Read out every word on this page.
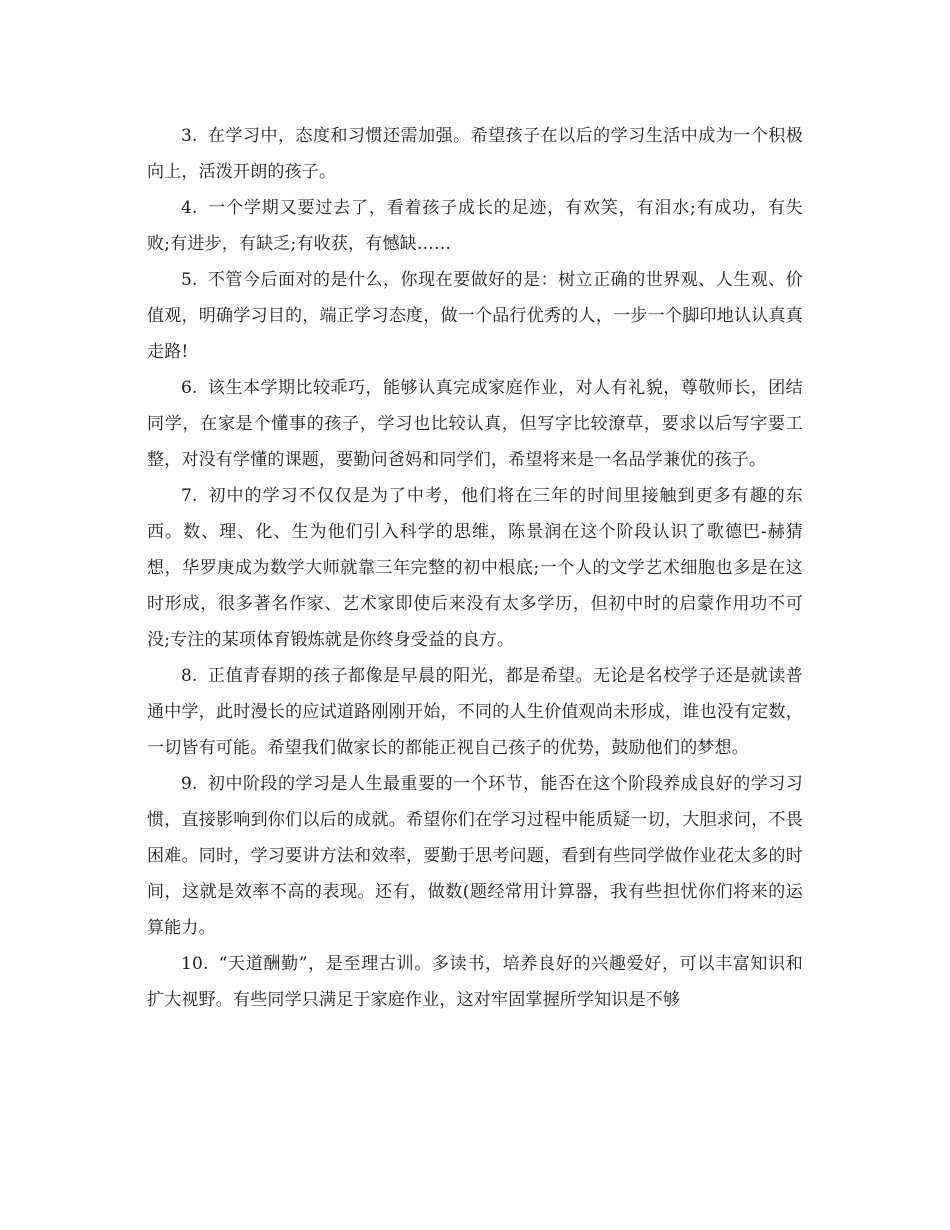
3. 在学习中，态度和习惯还需加强。希望孩子在以后的学习生活中成为一个积极向上，活泼开朗的孩子。

4. 一个学期又要过去了，看着孩子成长的足迹，有欢笑，有泪水;有成功，有失败;有进步，有缺乏;有收获，有憾缺……

5. 不管今后面对的是什么，你现在要做好的是：树立正确的世界观、人生观、价值观，明确学习目的，端正学习态度，做一个品行优秀的人，一步一个脚印地认认真真走路!

6. 该生本学期比较乖巧，能够认真完成家庭作业，对人有礼貌，尊敬师长，团结同学，在家是个懂事的孩子，学习也比较认真，但写字比较潦草，要求以后写字要工整，对没有学懂的课题，要勤问爸妈和同学们，希望将来是一名品学兼优的孩子。

7. 初中的学习不仅仅是为了中考，他们将在三年的时间里接触到更多有趣的东西。数、理、化、生为他们引入科学的思维，陈景润在这个阶段认识了歌德巴-赫猜想，华罗庚成为数学大师就靠三年完整的初中根底;一个人的文学艺术细胞也多是在这时形成，很多著名作家、艺术家即使后来没有太多学历，但初中时的启蒙作用功不可没;专注的某项体育锻炼就是你终身受益的良方。

8. 正值青春期的孩子都像是早晨的阳光，都是希望。无论是名校学子还是就读普通中学，此时漫长的应试道路刚刚开始，不同的人生价值观尚未形成，谁也没有定数，一切皆有可能。希望我们做家长的都能正视自己孩子的优势，鼓励他们的梦想。

9. 初中阶段的学习是人生最重要的一个环节，能否在这个阶段养成良好的学习习惯，直接影响到你们以后的成就。希望你们在学习过程中能质疑一切，大胆求问，不畏困难。同时，学习要讲方法和效率，要勤于思考问题，看到有些同学做作业花太多的时间，这就是效率不高的表现。还有，做数(题经常用计算器，我有些担忧你们将来的运算能力。

10. “天道酬勤”，是至理古训。多读书，培养良好的兴趣爱好，可以丰富知识和扩大视野。有些同学只满足于家庭作业，这对牢固掌握所学知识是不够
